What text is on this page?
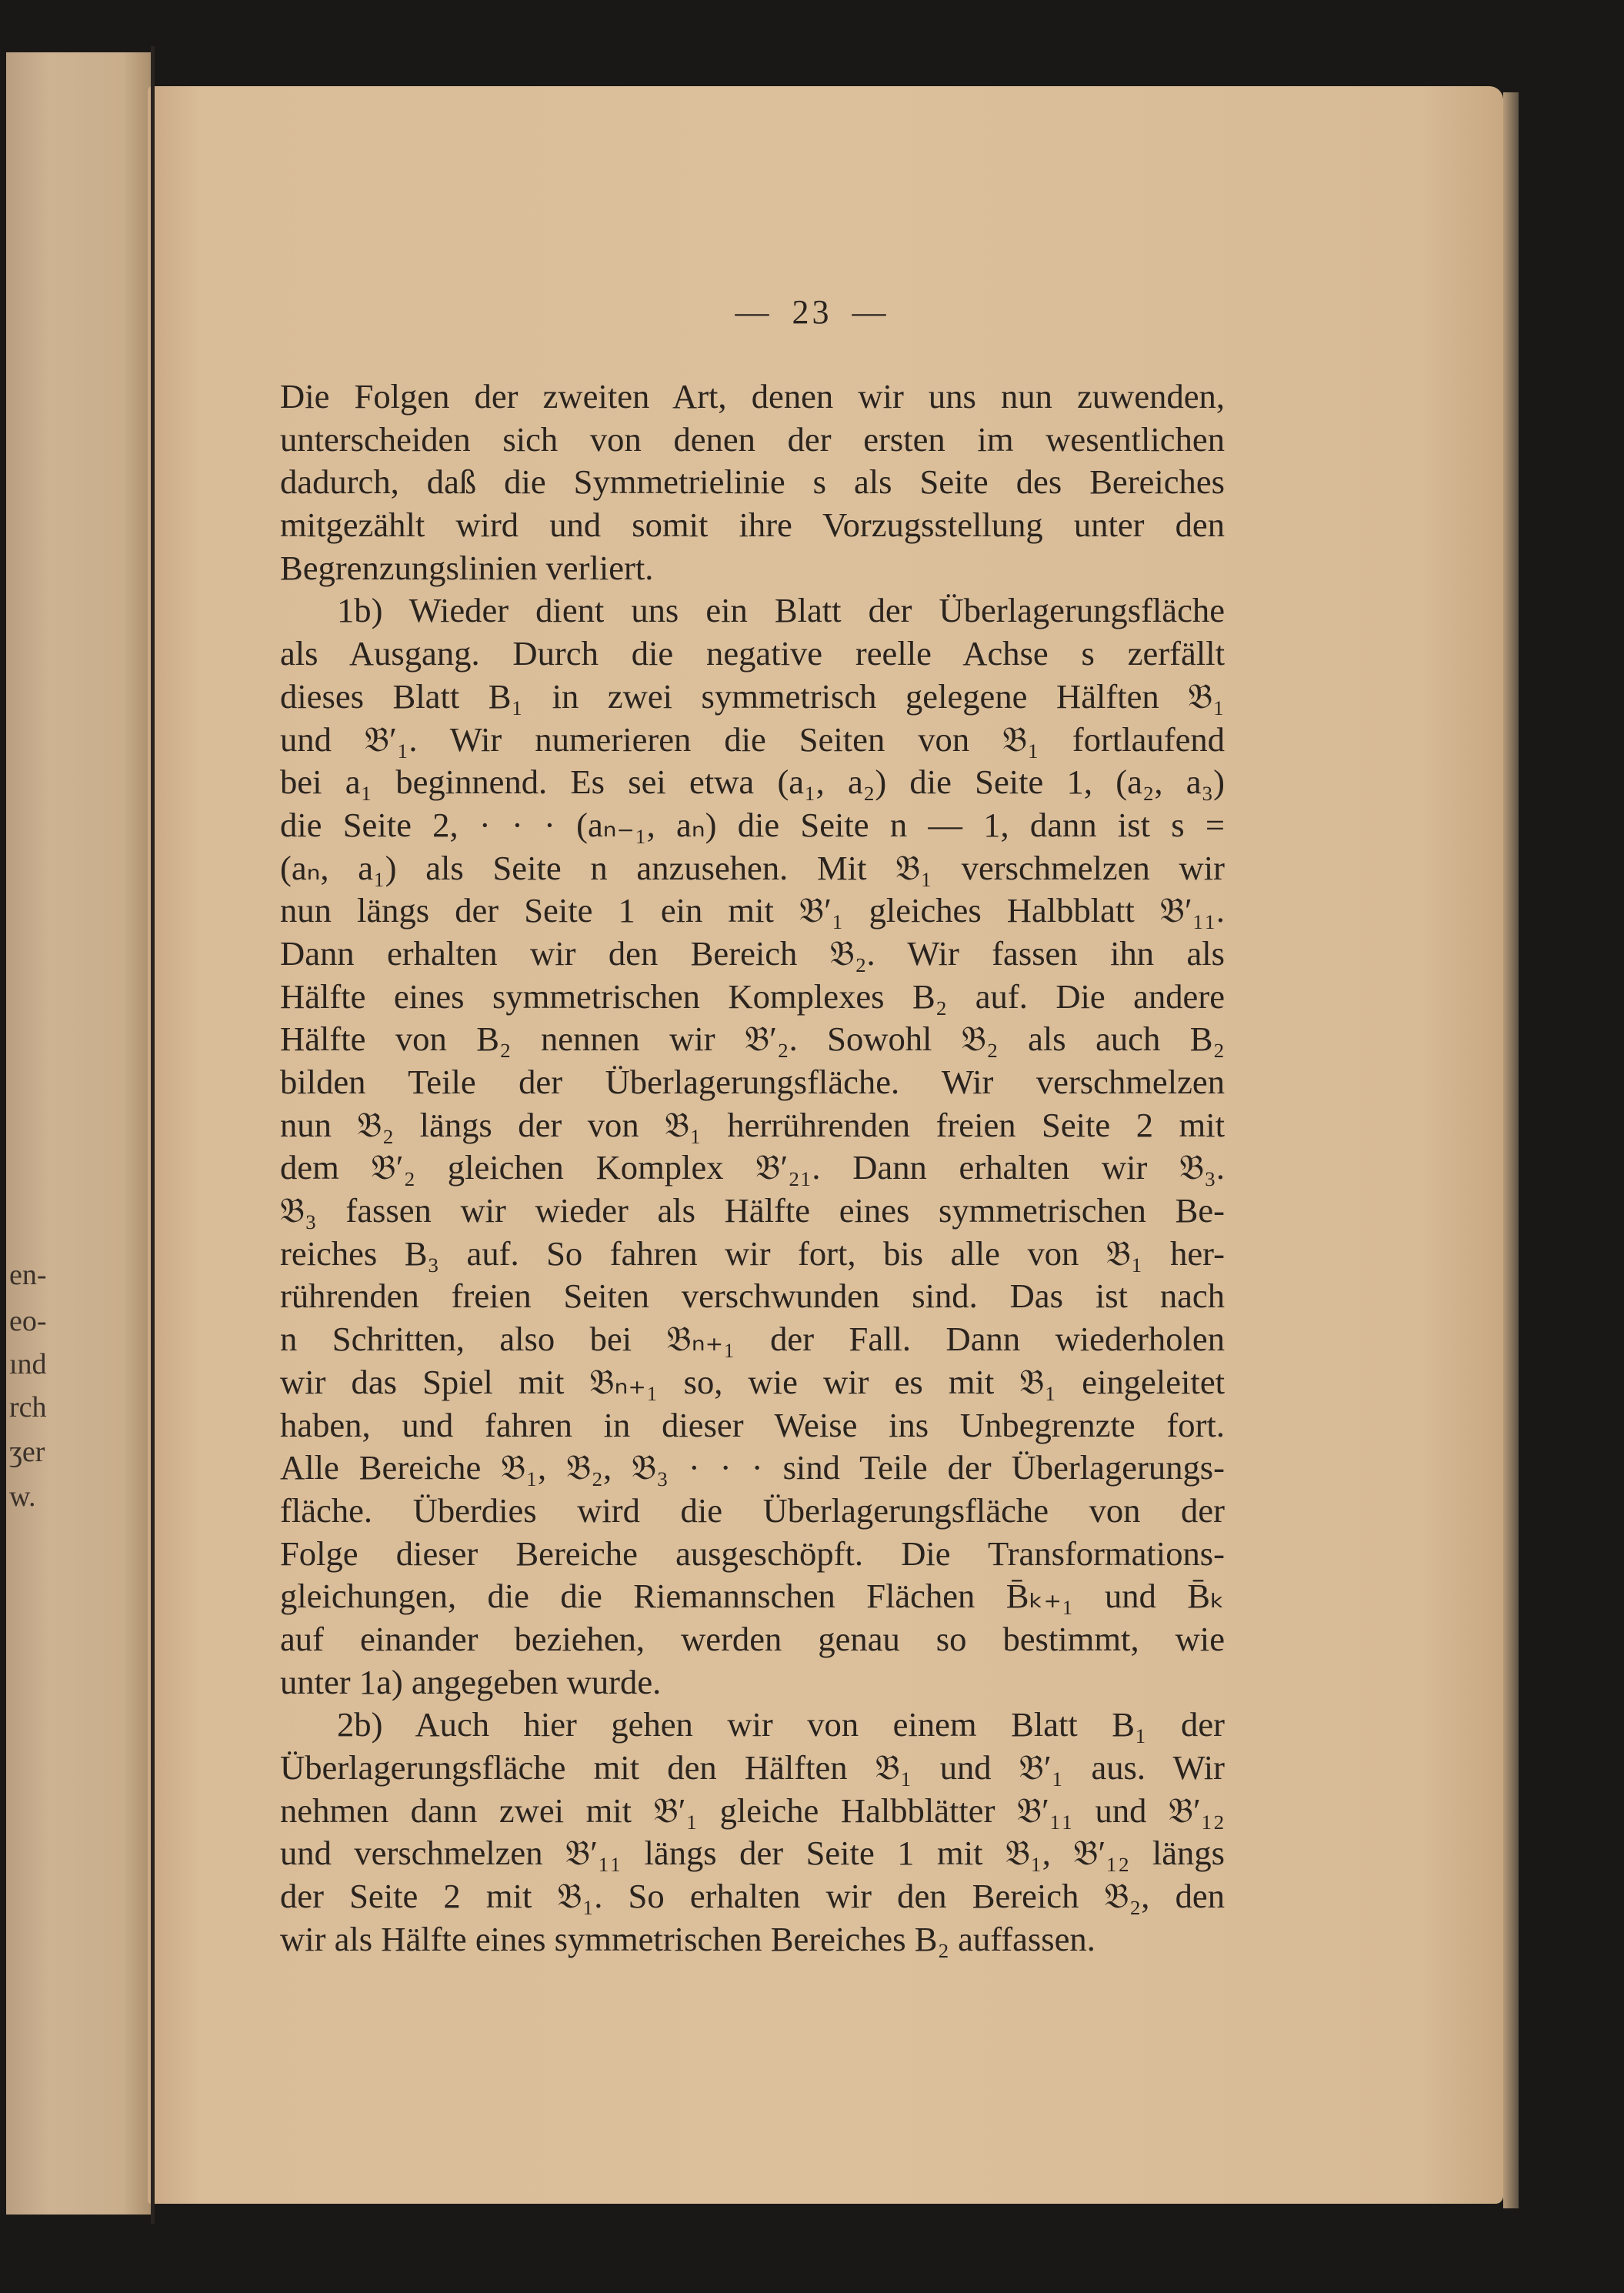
en-
eo-
ınd
rch
ʒer
w.
— 23 —
Die Folgen der zweiten Art, denen wir uns nun zuwenden,
unterscheiden sich von denen der ersten im wesentlichen
dadurch, daß die Symmetrielinie s als Seite des Bereiches
mitgezählt wird und somit ihre Vorzugsstellung unter den
Begrenzungslinien verliert.
1b) Wieder dient uns ein Blatt der Überlagerungsfläche
als Ausgang. Durch die negative reelle Achse s zerfällt
dieses Blatt B₁ in zwei symmetrisch gelegene Hälften 𝔅₁
und 𝔅′₁. Wir numerieren die Seiten von 𝔅₁ fortlaufend
bei a₁ beginnend. Es sei etwa (a₁, a₂) die Seite 1, (a₂, a₃)
die Seite 2, · · · (aₙ₋₁, aₙ) die Seite n — 1, dann ist s =
(aₙ, a₁) als Seite n anzusehen. Mit 𝔅₁ verschmelzen wir
nun längs der Seite 1 ein mit 𝔅′₁ gleiches Halbblatt 𝔅′₁₁.
Dann erhalten wir den Bereich 𝔅₂. Wir fassen ihn als
Hälfte eines symmetrischen Komplexes B₂ auf. Die andere
Hälfte von B₂ nennen wir 𝔅′₂. Sowohl 𝔅₂ als auch B₂
bilden Teile der Überlagerungsfläche. Wir verschmelzen
nun 𝔅₂ längs der von 𝔅₁ herrührenden freien Seite 2 mit
dem 𝔅′₂ gleichen Komplex 𝔅′₂₁. Dann erhalten wir 𝔅₃.
𝔅₃ fassen wir wieder als Hälfte eines symmetrischen Be-
reiches B₃ auf. So fahren wir fort, bis alle von 𝔅₁ her-
rührenden freien Seiten verschwunden sind. Das ist nach
n Schritten, also bei 𝔅ₙ₊₁ der Fall. Dann wiederholen
wir das Spiel mit 𝔅ₙ₊₁ so, wie wir es mit 𝔅₁ eingeleitet
haben, und fahren in dieser Weise ins Unbegrenzte fort.
Alle Bereiche 𝔅₁, 𝔅₂, 𝔅₃ · · · sind Teile der Überlagerungs-
fläche. Überdies wird die Überlagerungsfläche von der
Folge dieser Bereiche ausgeschöpft. Die Transformations-
gleichungen, die die Riemannschen Flächen B̄ₖ₊₁ und B̄ₖ
auf einander beziehen, werden genau so bestimmt, wie
unter 1a) angegeben wurde.
2b) Auch hier gehen wir von einem Blatt B₁ der
Überlagerungsfläche mit den Hälften 𝔅₁ und 𝔅′₁ aus. Wir
nehmen dann zwei mit 𝔅′₁ gleiche Halbblätter 𝔅′₁₁ und 𝔅′₁₂
und verschmelzen 𝔅′₁₁ längs der Seite 1 mit 𝔅₁, 𝔅′₁₂ längs
der Seite 2 mit 𝔅₁. So erhalten wir den Bereich 𝔅₂, den
wir als Hälfte eines symmetrischen Bereiches B₂ auffassen.
